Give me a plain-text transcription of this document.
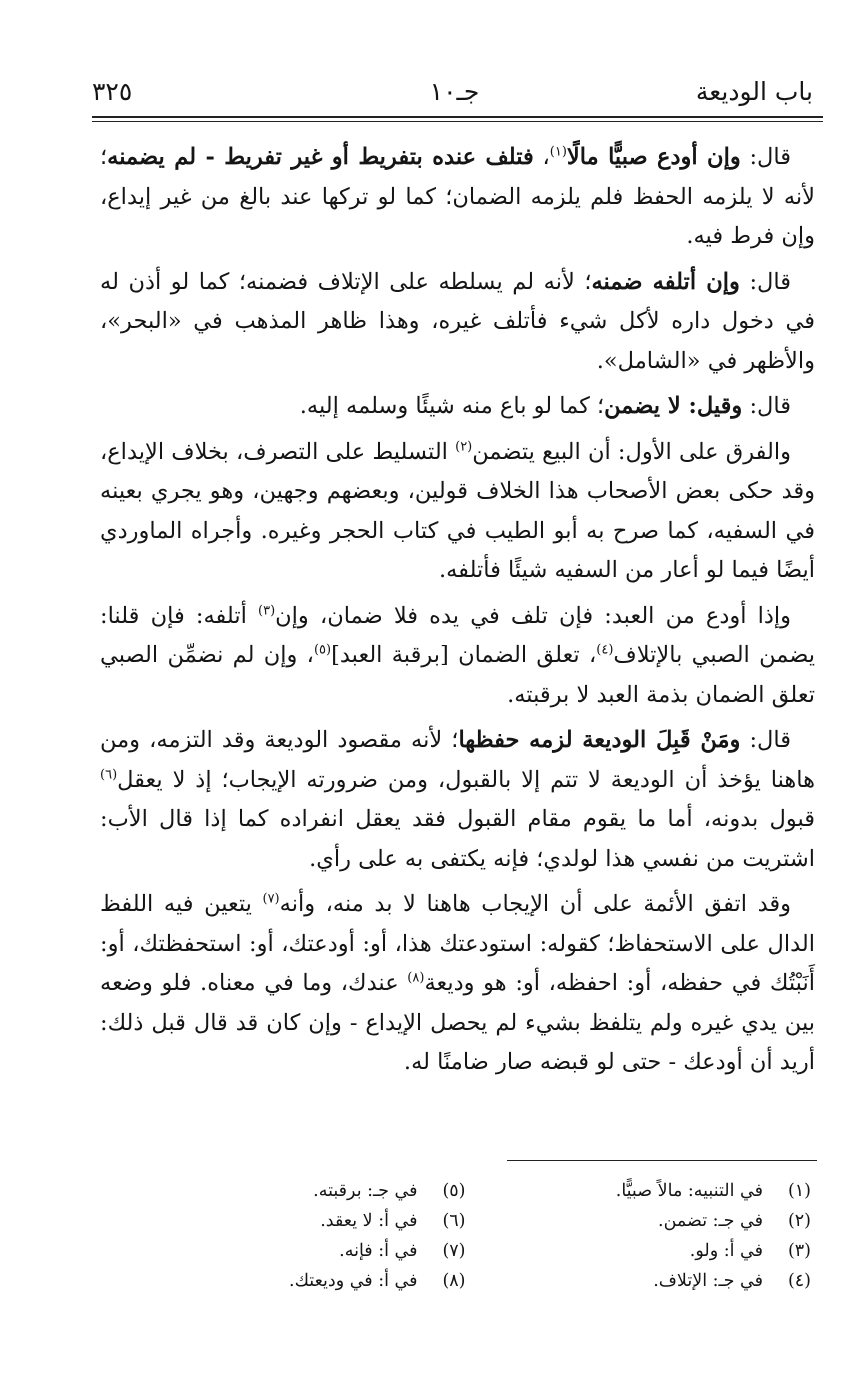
باب الوديعة
جـ١٠
٣٢٥

قال: وإن أودع صبيًّا مالًا$^{(١)}$، فتلف عنده بتفريط أو غير تفريط - لم يضمنه؛ لأنه لا يلزمه الحفظ فلم يلزمه الضمان؛ كما لو تركها عند بالغ من غير إيداع، وإن فرط فيه.

قال: وإن أتلفه ضمنه؛ لأنه لم يسلطه على الإتلاف فضمنه؛ كما لو أذن له في دخول داره لأكل شيء فأتلف غيره، وهذا ظاهر المذهب في «البحر»، والأظهر في «الشامل».

قال: وقيل: لا يضمن؛ كما لو باع منه شيئًا وسلمه إليه.

والفرق على الأول: أن البيع يتضمن$^{(٢)}$ التسليط على التصرف، بخلاف الإيداع، وقد حكى بعض الأصحاب هذا الخلاف قولين، وبعضهم وجهين، وهو يجري بعينه في السفيه، كما صرح به أبو الطيب في كتاب الحجر وغيره. وأجراه الماوردي أيضًا فيما لو أعار من السفيه شيئًا فأتلفه.

وإذا أودع من العبد: فإن تلف في يده فلا ضمان، وإن$^{(٣)}$ أتلفه: فإن قلنا: يضمن الصبي بالإتلاف$^{(٤)}$، تعلق الضمان [برقبة العبد]$^{(٥)}$، وإن لم نضمِّن الصبي تعلق الضمان بذمة العبد لا برقبته.

قال: ومَنْ قَبِلَ الوديعة لزمه حفظها؛ لأنه مقصود الوديعة وقد التزمه، ومن هاهنا يؤخذ أن الوديعة لا تتم إلا بالقبول، ومن ضرورته الإيجاب؛ إذ لا يعقل$^{(٦)}$ قبول بدونه، أما ما يقوم مقام القبول فقد يعقل انفراده كما إذا قال الأب: اشتريت من نفسي هذا لولدي؛ فإنه يكتفى به على رأي.

وقد اتفق الأئمة على أن الإيجاب هاهنا لا بد منه، وأنه$^{(٧)}$ يتعين فيه اللفظ الدال على الاستحفاظ؛ كقوله: استودعتك هذا، أو: أودعتك، أو: استحفظتك، أو: أَنَبْتُك في حفظه، أو: احفظه، أو: هو وديعة$^{(٨)}$ عندك، وما في معناه. فلو وضعه بين يدي غيره ولم يتلفظ بشيء لم يحصل الإيداع - وإن كان قد قال قبل ذلك: أريد أن أودعك - حتى لو قبضه صار ضامنًا له.

(١)في التنبيه: مالاً صبيًّا.
(٢)في جـ: تضمن.
(٣)في أ: ولو.
(٤)في جـ: الإتلاف.
(٥)في جـ: برقبته.
(٦)في أ: لا يعقد.
(٧)في أ: فإنه.
(٨)في أ: في وديعتك.
